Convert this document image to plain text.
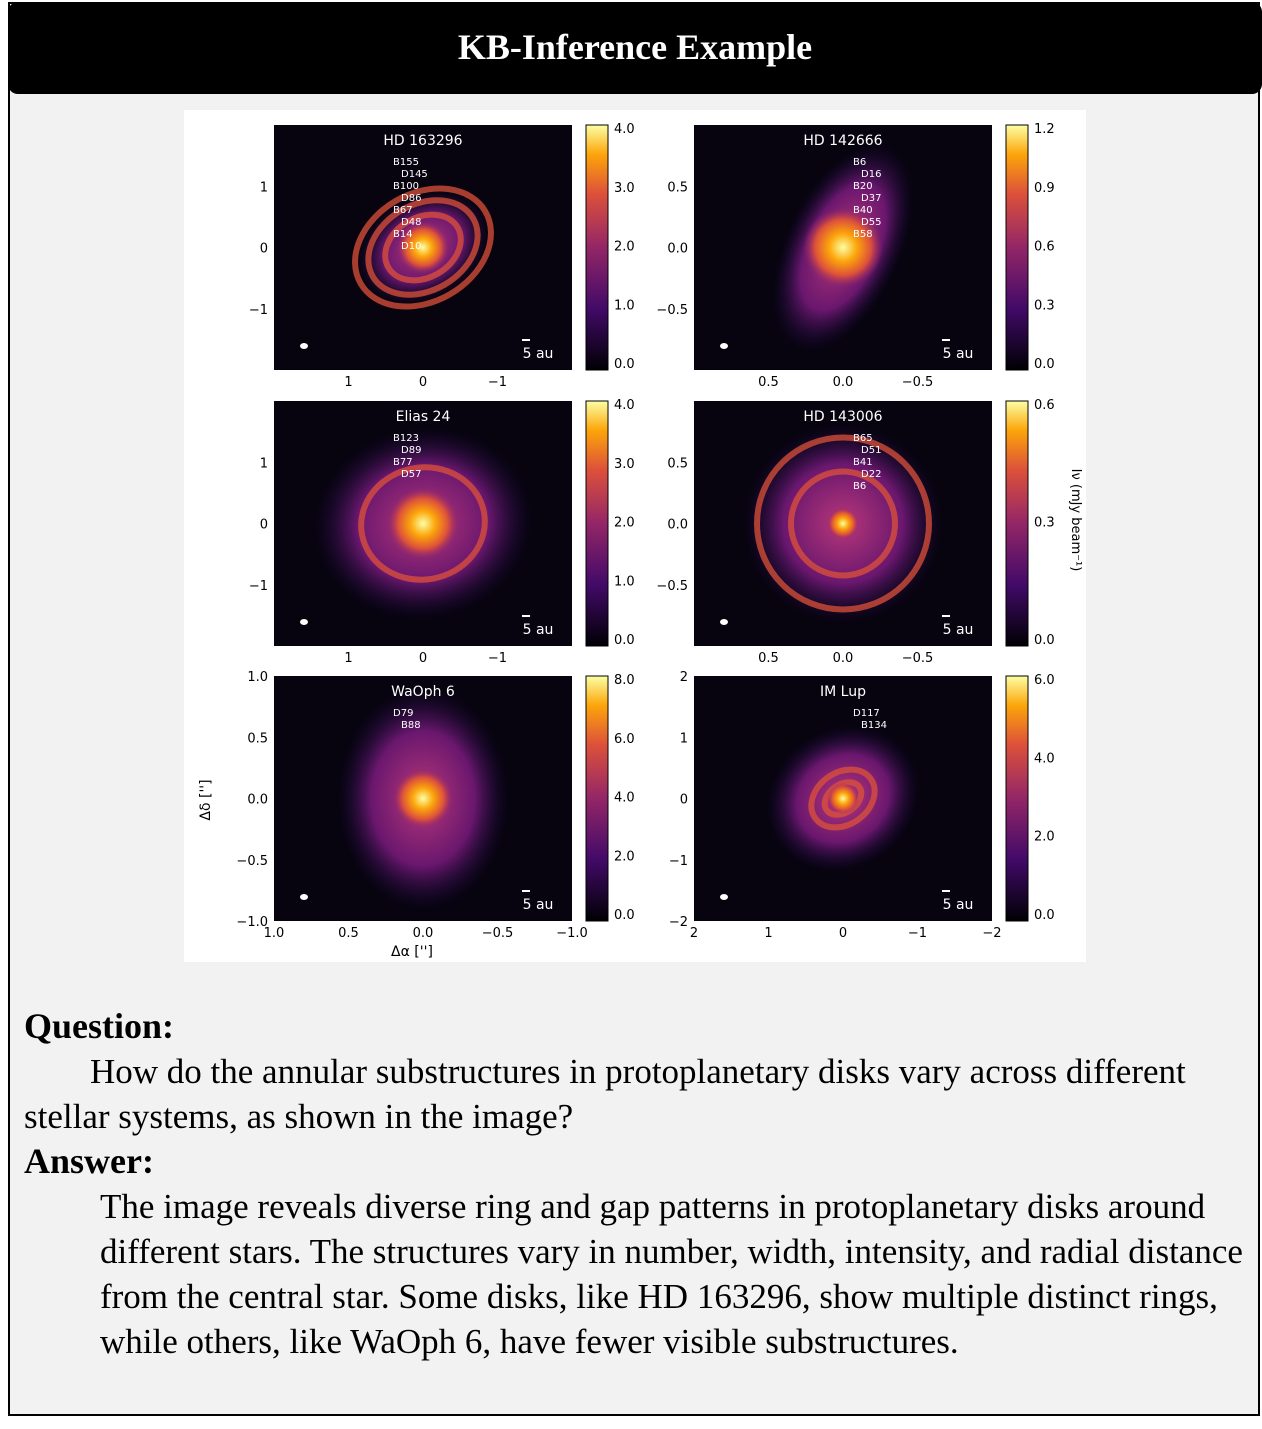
KB-Inference Example
HD 163296
5 au
B155
D145
B100
D86
B67
D48
B14
D10
1	0	−1
1
0
−1
4.0
3.0
2.0
1.0
0.0
HD 142666
5 au
B6
D16
B20
D37
B40
D55
B58
0.5	0.0	−0.5
0.5
0.0
−0.5
1.2
0.9
0.6
0.3
0.0
Elias 24
5 au
B123
D89
B77
D57
1	0	−1
1
0
−1
4.0
3.0
2.0
1.0
0.0
HD 143006
5 au
B65
D51
B41
D22
B6
0.5	0.0	−0.5
0.5
0.0
−0.5
0.6
0.3
0.0
WaOph 6
5 au
D79
B88
1.0	0.5	0.0	−0.5	−1.0
1.0
0.5
0.0
−0.5
−1.0
8.0
6.0
4.0
2.0
0.0
IM Lup
5 au
D117
B134
2	1	0	−1	−2
2
1
0
−1
−2
6.0
4.0
2.0
0.0
Δα ['']
Δδ ['']
Iν (mJy beam⁻¹)
Question:
How do the annular substructures in protoplanetary disks vary across different stellar systems, as shown in the image?
Answer:
The image reveals diverse ring and gap patterns in protoplanetary disks around different stars. The structures vary in number, width, intensity, and radial distance from the central star. Some disks, like HD 163296, show multiple distinct rings, while others, like WaOph 6, have fewer visible substructures.
